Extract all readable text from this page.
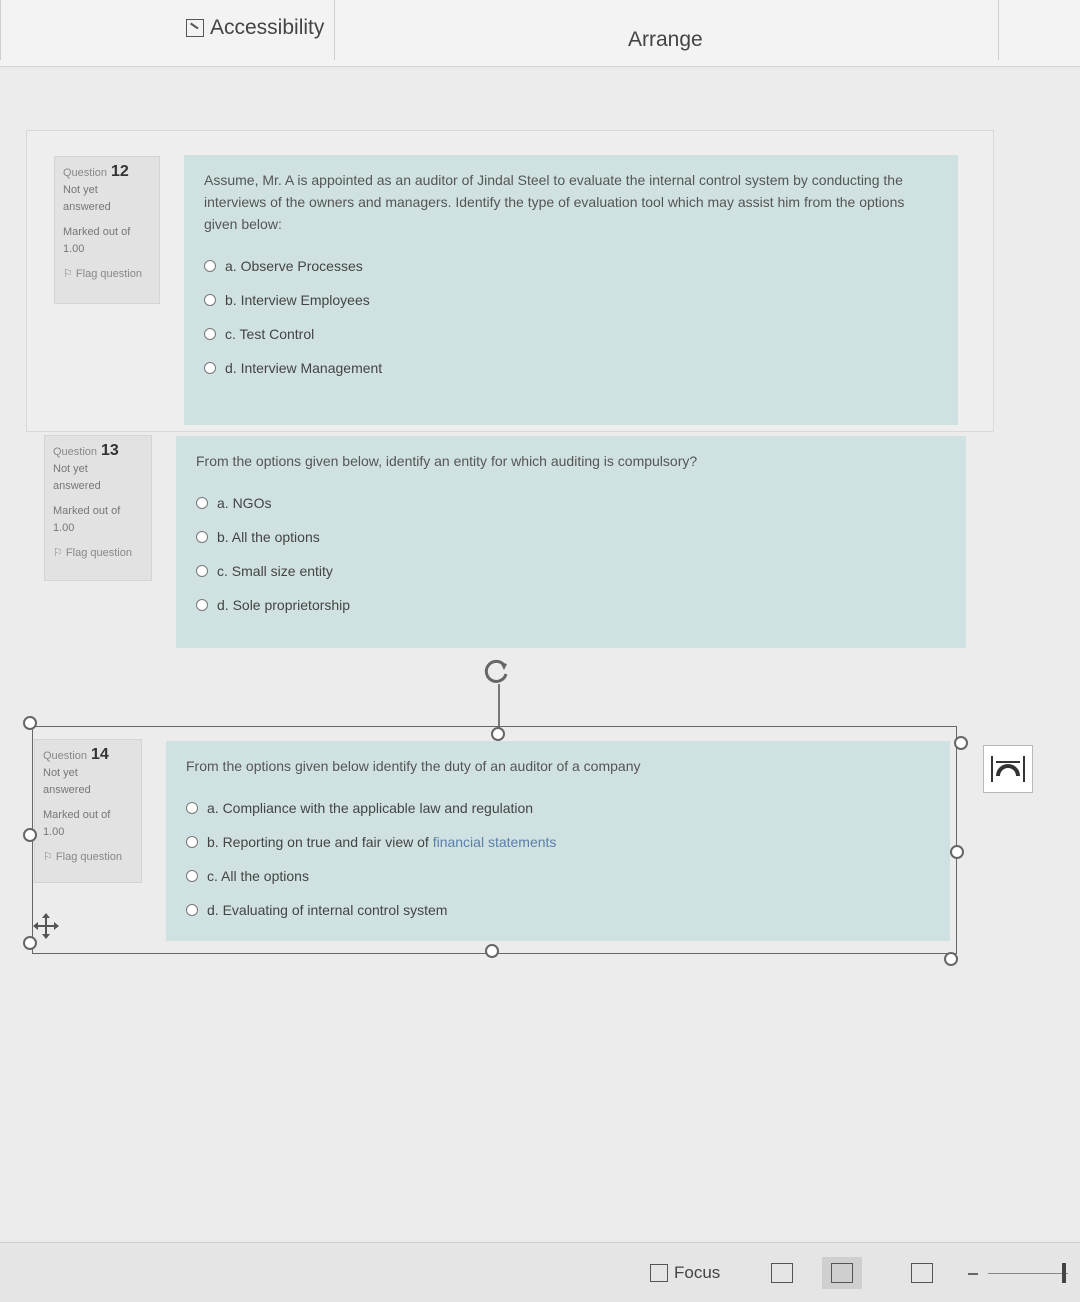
Accessibility
Arrange
Question 12
Not yet
answered
Marked out of
1.00
⚐ Flag question
Assume, Mr. A is appointed as an auditor of Jindal Steel to evaluate the internal control system by conducting the interviews of the owners and managers. Identify the type of evaluation tool which may assist him from the options given below:
a. Observe Processes
b. Interview Employees
c. Test Control
d. Interview Management
Question 13
Not yet
answered
Marked out of
1.00
⚐ Flag question
From the options given below, identify an entity for which auditing is compulsory?
a. NGOs
b. All the options
c. Small size entity
d. Sole proprietorship
Question 14
Not yet
answered
Marked out of
1.00
⚐ Flag question
From the options given below identify the duty of an auditor of a company
a. Compliance with the applicable law and regulation
b. Reporting on true and fair view of financial statements
c. All the options
d. Evaluating of internal control system
Focus
